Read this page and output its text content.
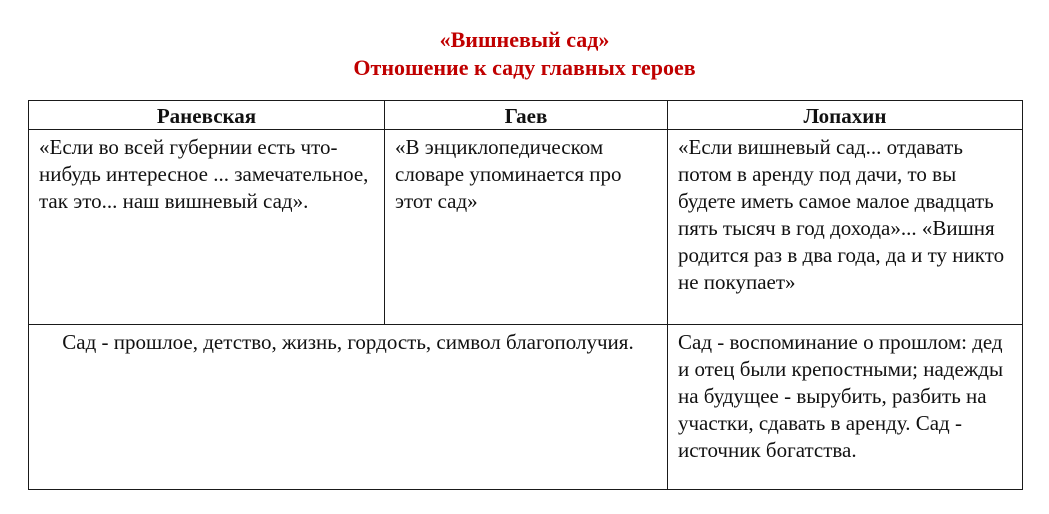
«Вишневый сад»
Отношение к саду главных героев
Раневская	Гаев	Лопахин
«Если во всей губернии есть что-нибудь интересное ... замечательное, так это... наш вишневый сад».	«В энциклопедическом словаре упоминается про этот сад»	«Если вишневый сад... отдавать потом в аренду под дачи, то вы будете иметь самое малое двадцать пять тысяч в год дохода»... «Вишня родится раз в два года, да и ту никто не покупает»
Сад - прошлое, детство, жизнь, гордость, символ благополучия.		Сад - воспоминание о прошлом: дед и отец были крепостными; надежды на будущее - вырубить, разбить на участки, сдавать в аренду. Сад - источник богатства.
